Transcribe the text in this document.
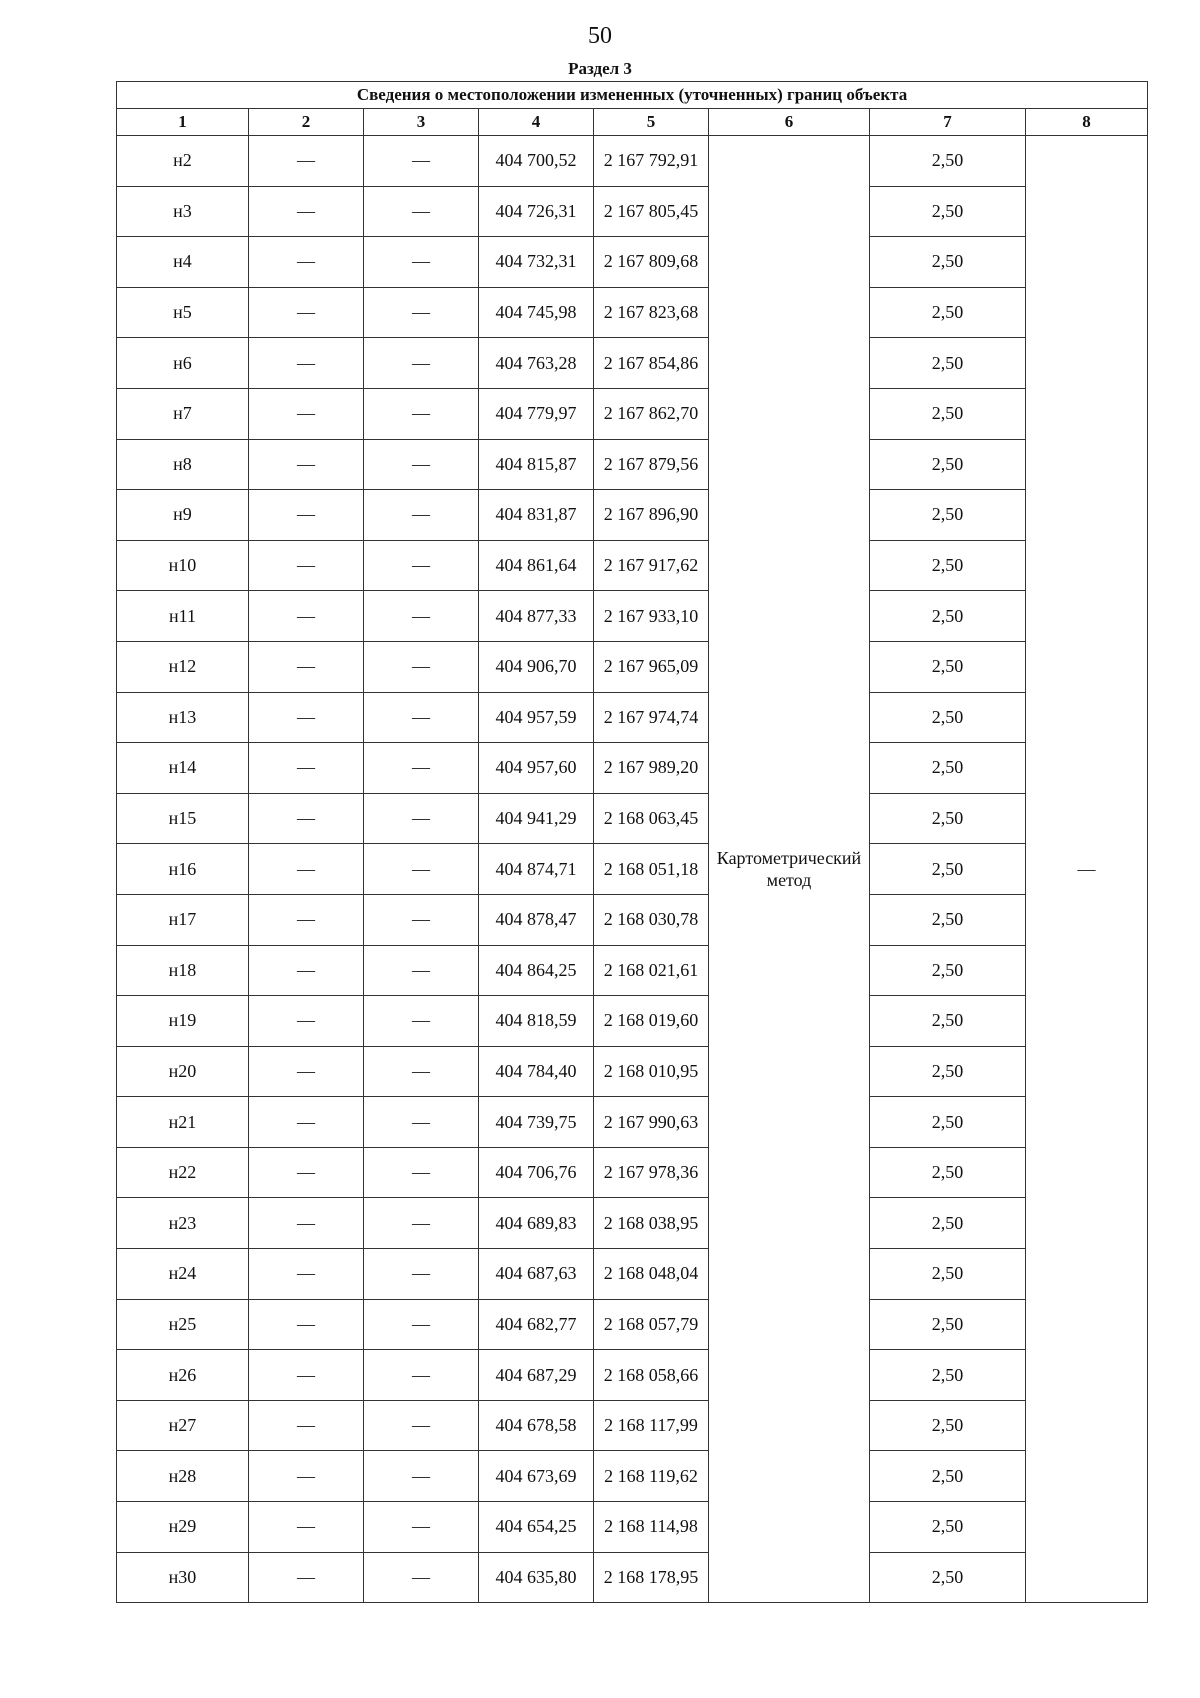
50
Раздел 3
Сведения о местоположении измененных (уточненных) границ объекта							
1	2	3	4	5	6	7	8
н2	—	—	404 700,52	2 167 792,91	Картометрический метод	2,50	—
н3	—	—	404 726,31	2 167 805,45		2,50	
н4	—	—	404 732,31	2 167 809,68		2,50	
н5	—	—	404 745,98	2 167 823,68		2,50	
н6	—	—	404 763,28	2 167 854,86		2,50	
н7	—	—	404 779,97	2 167 862,70		2,50	
н8	—	—	404 815,87	2 167 879,56		2,50	
н9	—	—	404 831,87	2 167 896,90		2,50	
н10	—	—	404 861,64	2 167 917,62		2,50	
н11	—	—	404 877,33	2 167 933,10		2,50	
н12	—	—	404 906,70	2 167 965,09		2,50	
н13	—	—	404 957,59	2 167 974,74		2,50	
н14	—	—	404 957,60	2 167 989,20		2,50	
н15	—	—	404 941,29	2 168 063,45		2,50	
н16	—	—	404 874,71	2 168 051,18		2,50	
н17	—	—	404 878,47	2 168 030,78		2,50	
н18	—	—	404 864,25	2 168 021,61		2,50	
н19	—	—	404 818,59	2 168 019,60		2,50	
н20	—	—	404 784,40	2 168 010,95		2,50	
н21	—	—	404 739,75	2 167 990,63		2,50	
н22	—	—	404 706,76	2 167 978,36		2,50	
н23	—	—	404 689,83	2 168 038,95		2,50	
н24	—	—	404 687,63	2 168 048,04		2,50	
н25	—	—	404 682,77	2 168 057,79		2,50	
н26	—	—	404 687,29	2 168 058,66		2,50	
н27	—	—	404 678,58	2 168 117,99		2,50	
н28	—	—	404 673,69	2 168 119,62		2,50	
н29	—	—	404 654,25	2 168 114,98		2,50	
н30	—	—	404 635,80	2 168 178,95		2,50	
